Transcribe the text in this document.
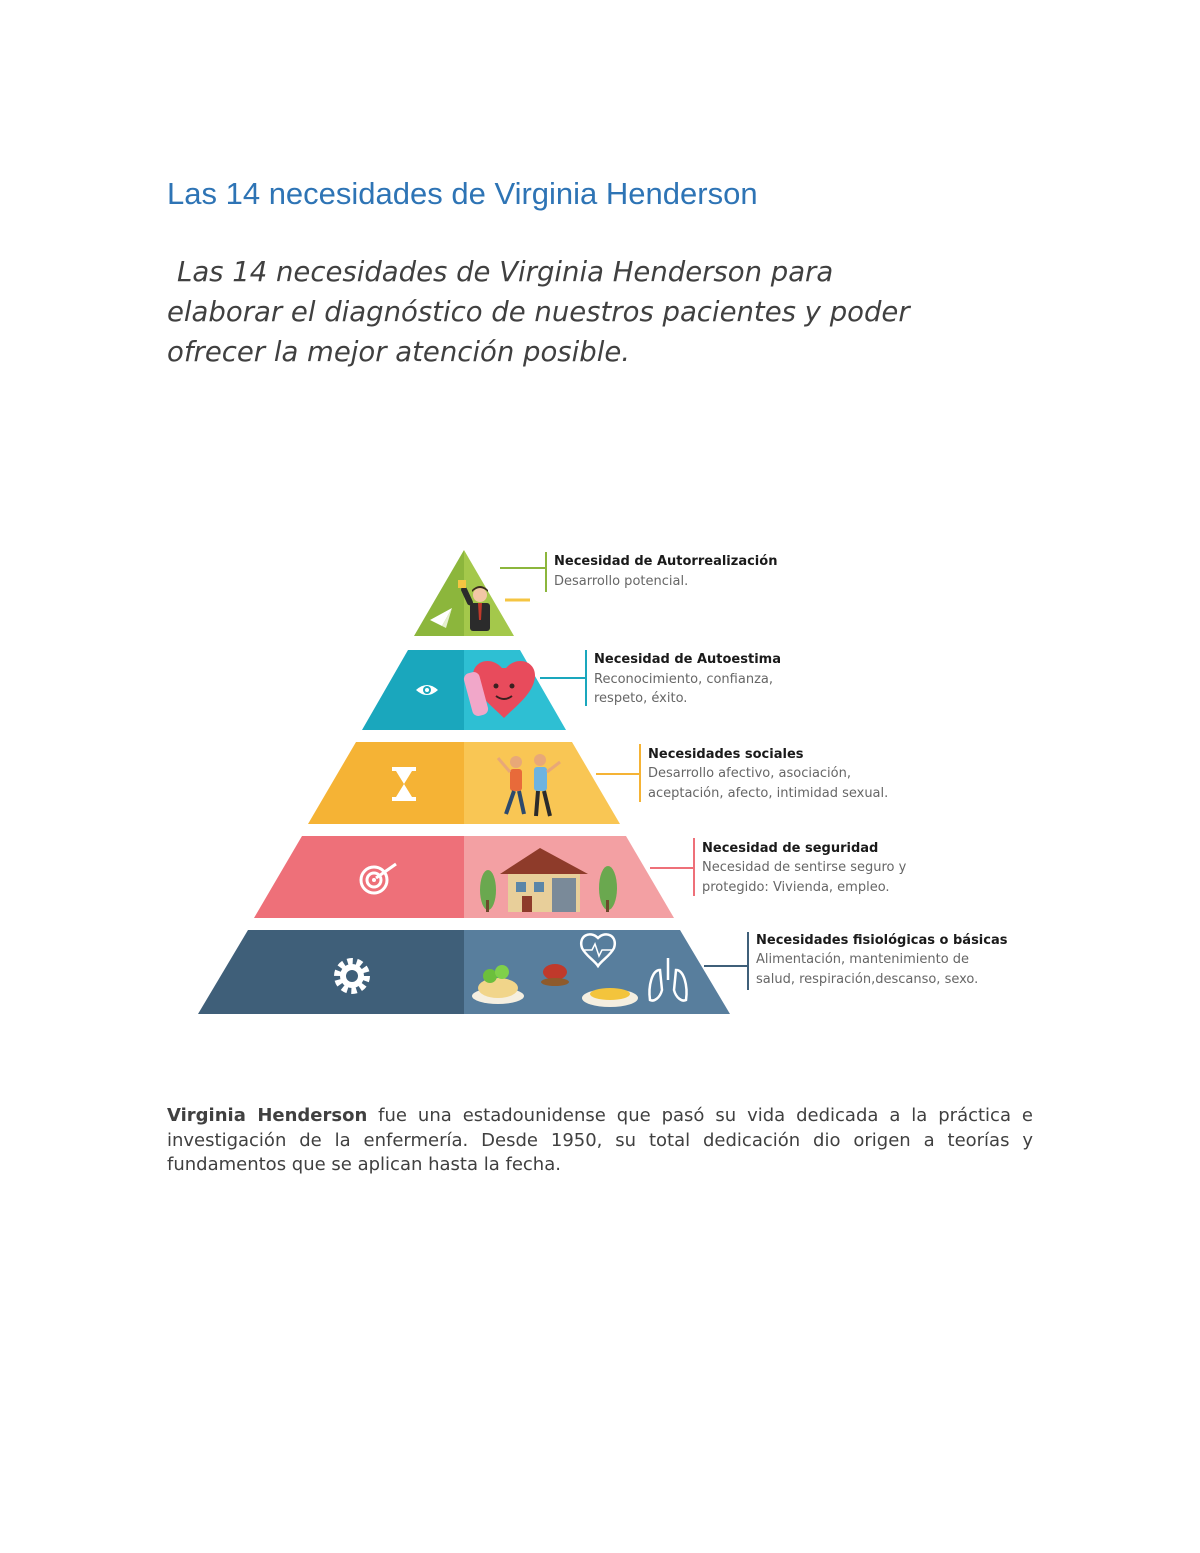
Las 14 necesidades de Virginia Henderson
Las 14 necesidades de Virginia Henderson para
elaborar el diagnóstico de nuestros pacientes y poder
ofrecer la mejor atención posible.
Necesidad de Autorrealización
Desarrollo potencial.
Necesidad de Autoestima
Reconocimiento, confianza,
respeto, éxito.
Necesidades sociales
Desarrollo afectivo, asociación,
aceptación, afecto, intimidad sexual.
Necesidad de seguridad
Necesidad de sentirse seguro y
protegido: Vivienda, empleo.
Necesidades fisiológicas o básicas
Alimentación, mantenimiento de
salud, respiración,descanso, sexo.

Virginia Henderson fue una estadounidense que pasó su vida dedicada a la práctica e investigación de la enfermería. Desde 1950, su total dedicación dio origen a teorías y fundamentos que se aplican hasta la fecha.
